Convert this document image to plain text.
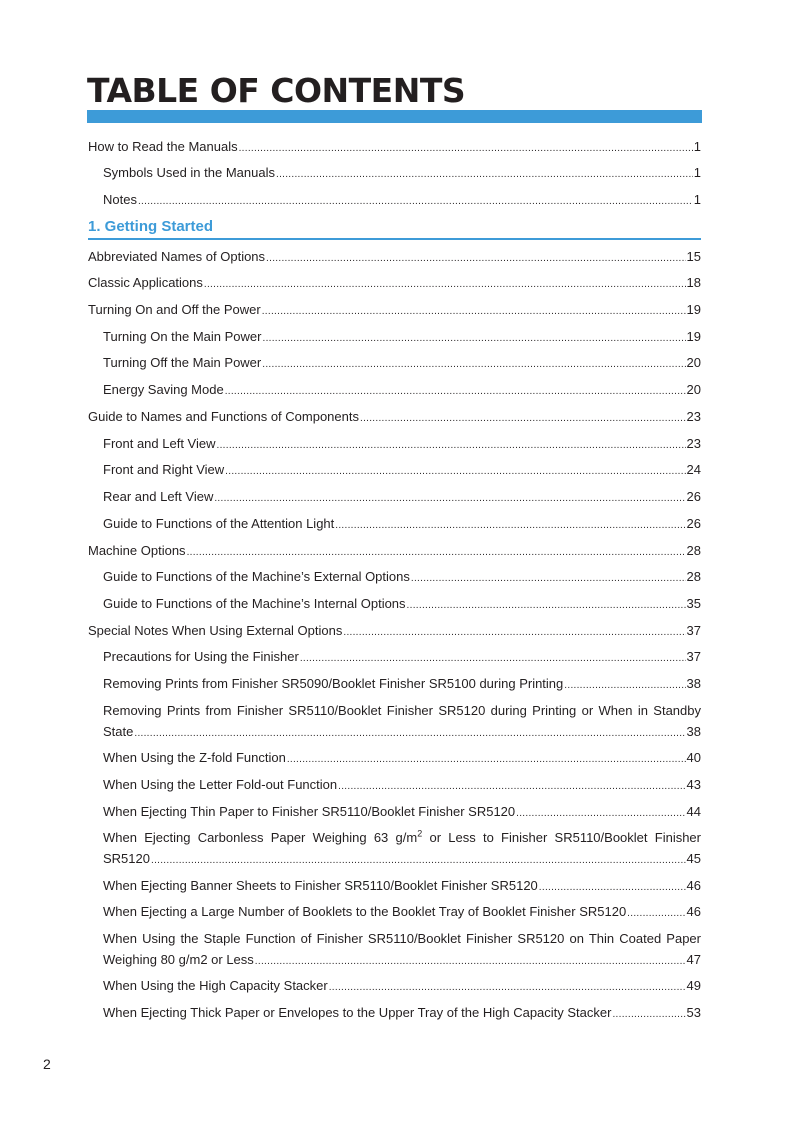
TABLE OF CONTENTS
How to Read the Manuals .....	1
Symbols Used in the Manuals .....	1
Notes .....	1
1. Getting Started
Abbreviated Names of Options .....	15
Classic Applications .....	18
Turning On and Off the Power .....	19
Turning On the Main Power .....	19
Turning Off the Main Power .....	20
Energy Saving Mode .....	20
Guide to Names and Functions of Components .....	23
Front and Left View .....	23
Front and Right View .....	24
Rear and Left View .....	26
Guide to Functions of the Attention Light .....	26
Machine Options .....	28
Guide to Functions of the Machine’s External Options .....	28
Guide to Functions of the Machine’s Internal Options .....	35
Special Notes When Using External Options .....	37
Precautions for Using the Finisher .....	37
Removing Prints from Finisher SR5090/Booklet Finisher SR5100 during Printing .....	38
Removing Prints from Finisher SR5110/Booklet Finisher SR5120 during Printing or When in Standby
State .....	38
When Using the Z-fold Function .....	40
When Using the Letter Fold-out Function .....	43
When Ejecting Thin Paper to Finisher SR5110/Booklet Finisher SR5120 .....	44
When Ejecting Carbonless Paper Weighing 63 $g/m^2$ or Less to Finisher SR5110/Booklet Finisher
SR5120 .....	45
When Ejecting Banner Sheets to Finisher SR5110/Booklet Finisher SR5120 .....	46
When Ejecting a Large Number of Booklets to the Booklet Tray of Booklet Finisher SR5120 .....	46
When Using the Staple Function of Finisher SR5110/Booklet Finisher SR5120 on Thin Coated Paper
Weighing 80 g/m2 or Less .....	47
When Using the High Capacity Stacker .....	49
When Ejecting Thick Paper or Envelopes to the Upper Tray of the High Capacity Stacker .....	53
2
